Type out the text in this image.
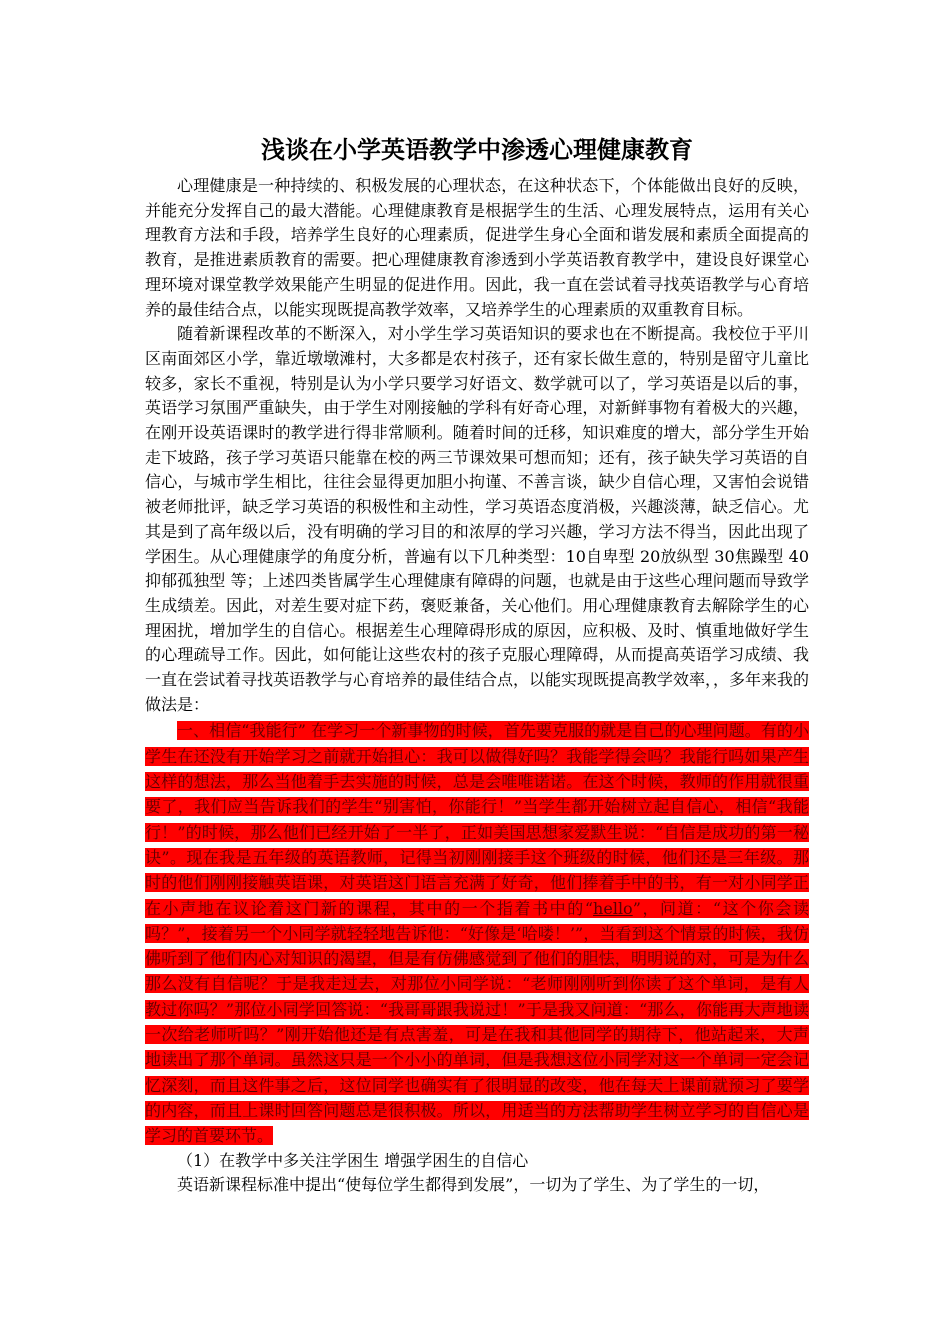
浅谈在小学英语教学中渗透心理健康教育

心理健康是一种持续的、积极发展的心理状态，在这种状态下，个体能做出良好的反映，并能充分发挥自己的最大潜能。心理健康教育是根据学生的生活、心理发展特点，运用有关心理教育方法和手段，培养学生良好的心理素质，促进学生身心全面和谐发展和素质全面提高的教育，是推进素质教育的需要。把心理健康教育渗透到小学英语教育教学中，建设良好课堂心理环境对课堂教学效果能产生明显的促进作用。因此，我一直在尝试着寻找英语教学与心育培养的最佳结合点，以能实现既提高教学效率，又培养学生的心理素质的双重教育目标。

随着新课程改革的不断深入，对小学生学习英语知识的要求也在不断提高。我校位于平川区南面郊区小学，靠近墩墩滩村，大多都是农村孩子，还有家长做生意的，特别是留守儿童比较多，家长不重视，特别是认为小学只要学习好语文、数学就可以了，学习英语是以后的事，英语学习氛围严重缺失，由于学生对刚接触的学科有好奇心理，对新鲜事物有着极大的兴趣，在刚开设英语课时的教学进行得非常顺利。随着时间的迁移，知识难度的增大，部分学生开始走下坡路，孩子学习英语只能靠在校的两三节课效果可想而知；还有，孩子缺失学习英语的自信心，与城市学生相比，往往会显得更加胆小拘谨、不善言谈，缺少自信心理，又害怕会说错被老师批评，缺乏学习英语的积极性和主动性，学习英语态度消极，兴趣淡薄，缺乏信心。尤其是到了高年级以后，没有明确的学习目的和浓厚的学习兴趣，学习方法不得当，因此出现了学困生。从心理健康学的角度分析，普遍有以下几种类型：10自卑型 20放纵型 30焦躁型 40抑郁孤独型 等；上述四类皆属学生心理健康有障碍的问题，也就是由于这些心理问题而导致学生成绩差。因此，对差生要对症下药，褒贬兼备，关心他们。用心理健康教育去解除学生的心理困扰，增加学生的自信心。根据差生心理障碍形成的原因，应积极、及时、慎重地做好学生的心理疏导工作。因此，如何能让这些农村的孩子克服心理障碍，从而提高英语学习成绩、我一直在尝试着寻找英语教学与心育培养的最佳结合点，以能实现既提高教学效率，，多年来我的做法是：

一、相信“我能行” 在学习一个新事物的时候，首先要克服的就是自己的心理问题。有的小学生在还没有开始学习之前就开始担心：我可以做得好吗？我能学得会吗？我能行吗如果产生这样的想法，那么当他着手去实施的时候，总是会唯唯诺诺。在这个时候，教师的作用就很重要了，我们应当告诉我们的学生“别害怕，你能行！”当学生都开始树立起自信心，相信“我能行！”的时候，那么他们已经开始了一半了，正如美国思想家爱默生说：“自信是成功的第一秘诀”。现在我是五年级的英语教师，记得当初刚刚接手这个班级的时候，他们还是三年级。那时的他们刚刚接触英语课，对英语这门语言充满了好奇，他们捧着手中的书，有一对小同学正在小声地在议论着这门新的课程，其中的一个指着书中的“hello”，问道：“这个你会读吗？”，接着另一个小同学就轻轻地告诉他：“好像是‘哈喽！’”，当看到这个情景的时候，我仿佛听到了他们内心对知识的渴望，但是有仿佛感觉到了他们的胆怯，明明说的对，可是为什么那么没有自信呢？于是我走过去，对那位小同学说：“老师刚刚听到你读了这个单词，是有人教过你吗？”那位小同学回答说：“我哥哥跟我说过！”于是我又问道：“那么，你能再大声地读一次给老师听吗？”刚开始他还是有点害羞，可是在我和其他同学的期待下，他站起来，大声地读出了那个单词。虽然这只是一个小小的单词，但是我想这位小同学对这一个单词一定会记忆深刻，而且这件事之后，这位同学也确实有了很明显的改变，他在每天上课前就预习了要学的内容，而且上课时回答问题总是很积极。所以，用适当的方法帮助学生树立学习的自信心是学习的首要环节。

（1）在教学中多关注学困生 增强学困生的自信心

英语新课程标准中提出“使每位学生都得到发展”，一切为了学生、为了学生的一切，
